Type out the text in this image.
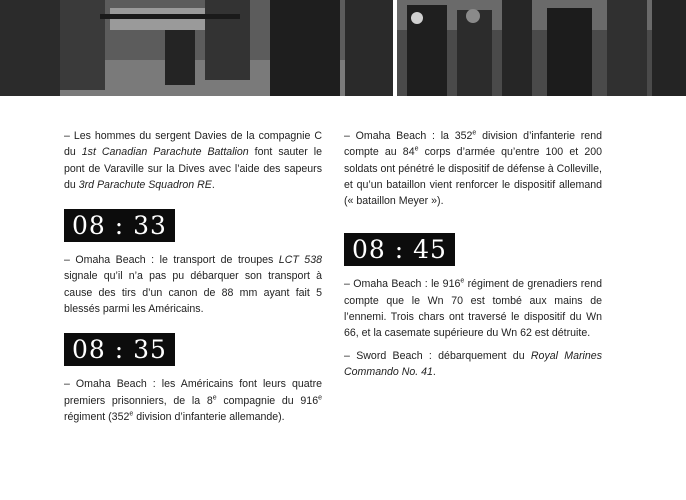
– Les hommes du sergent Davies de la compagnie C du 1st Canadian Parachute Battalion font sauter le pont de Varaville sur la Dives avec l’aide des sapeurs du 3rd Parachute Squadron RE.

08 : 33

– Omaha Beach : le transport de troupes LCT 538 signale qu’il n’a pas pu débarquer son transport à cause des tirs d’un canon de 88 mm ayant fait 5 blessés parmi les Américains.

08 : 35

– Omaha Beach : les Américains font leurs quatre premiers prisonniers, de la 8e compagnie du 916e régiment (352e division d’infanterie allemande).

– Omaha Beach : la 352e division d’infanterie rend compte au 84e corps d’armée qu’entre 100 et 200 soldats ont pénétré le dispositif de défense à Colleville, et qu’un bataillon vient renforcer le dispositif allemand (« bataillon Meyer »).

08 : 45

– Omaha Beach : le 916e régiment de grenadiers rend compte que le Wn 70 est tombé aux mains de l’ennemi. Trois chars ont traversé le dispositif du Wn 66, et la casemate supérieure du Wn 62 est détruite.

– Sword Beach : débarquement du Royal Marines Commando No. 41.
